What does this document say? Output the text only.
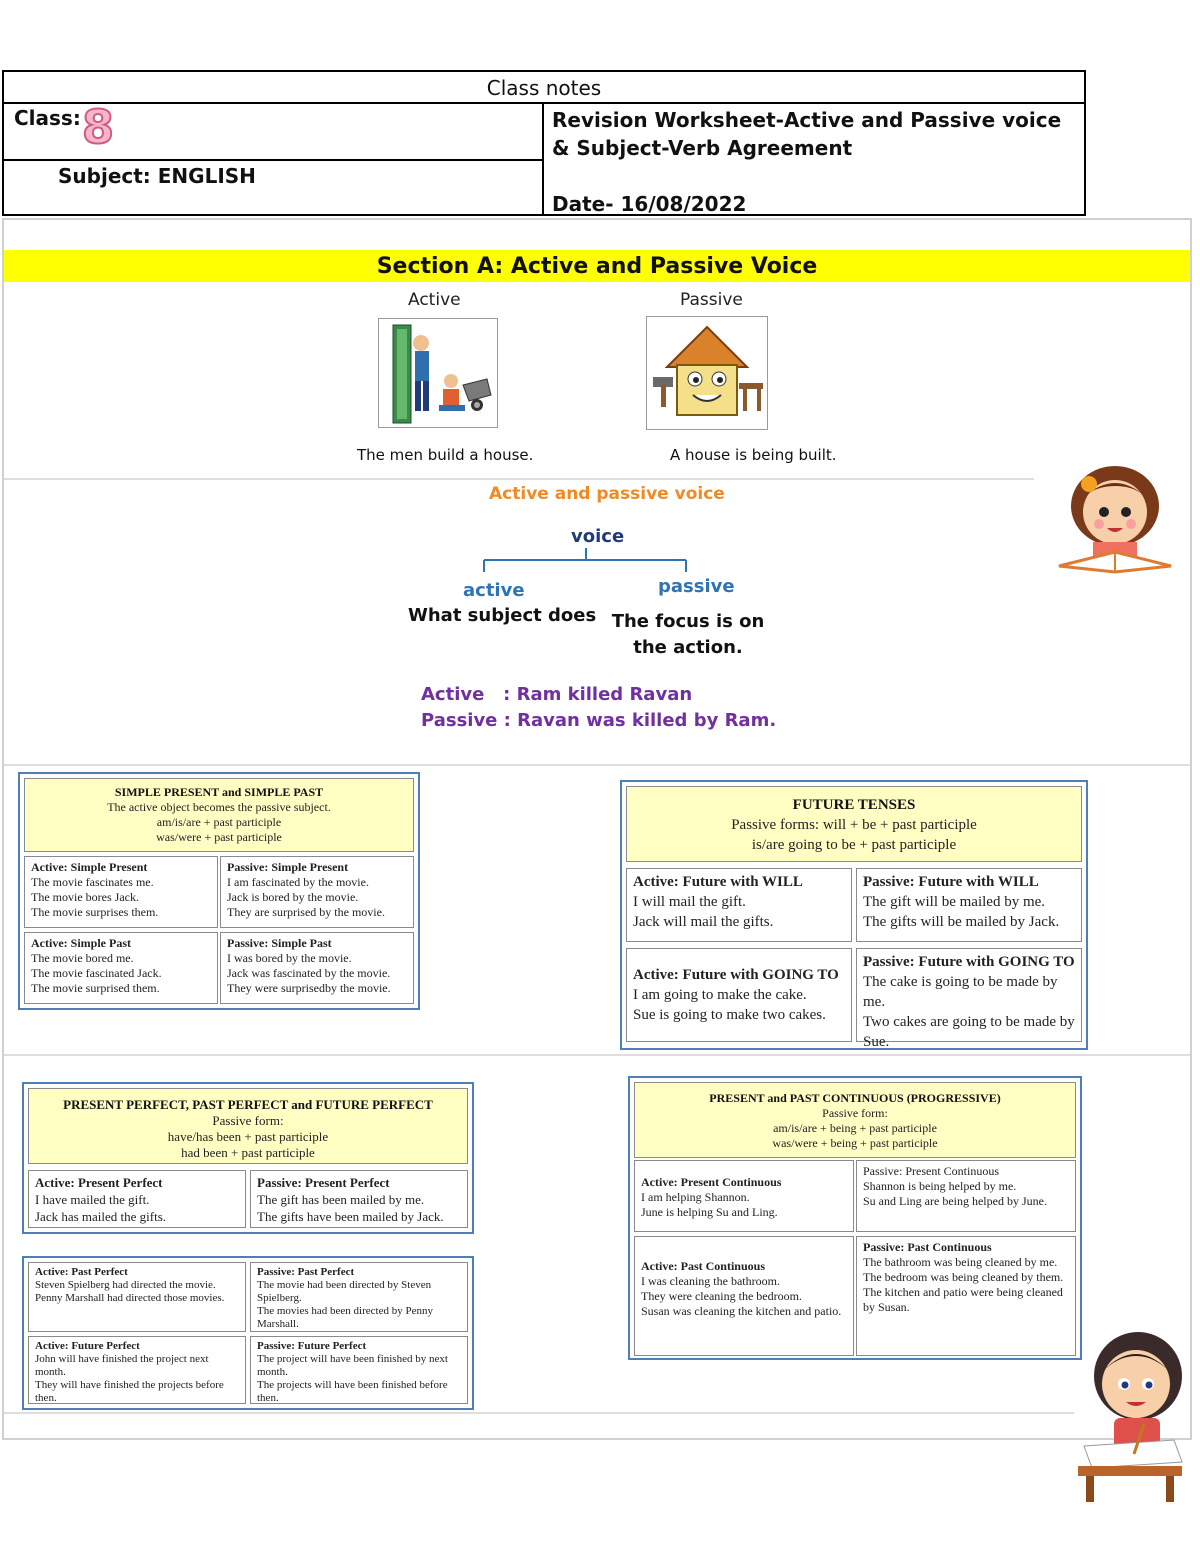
Class notes
Class: 8
Subject: ENGLISH
Revision Worksheet-Active and Passive voice & Subject-Verb Agreement
Date- 16/08/2022
Section A: Active and Passive Voice
Active	Passive
The men build a house.	A house is being built.
Active and passive voice
voice
active	passive
What subject does The focus is on the action.
Active   : Ram killed Ravan
Passive : Ravan was killed by Ram.
SIMPLE PRESENT and SIMPLE PAST
The active object becomes the passive subject.
am/is/are + past participle
was/were + past participle
Active: Simple Present
The movie fascinates me.
The movie bores Jack.
The movie surprises them.
Passive: Simple Present
I am fascinated by the movie.
Jack is bored by the movie.
They are surprised by the movie.
Active: Simple Past
The movie bored me.
The movie fascinated Jack.
The movie surprised them.
Passive: Simple Past
I was bored by the movie.
Jack was fascinated by the movie.
They were surprisedby the movie.
FUTURE TENSES
Passive forms: will + be + past participle
is/are going to be + past participle
Active: Future with WILL
I will mail the gift.
Jack will mail the gifts.
Passive: Future with WILL
The gift will be mailed by me.
The gifts will be mailed by Jack.
Active: Future with GOING TO
I am going to make the cake.
Sue is going to make two cakes.
Passive: Future with GOING TO
The cake is going to be made by me.
Two cakes are going to be made by Sue.
PRESENT PERFECT, PAST PERFECT and FUTURE PERFECT
Passive form:
have/has been + past participle
had been + past participle
Active: Present Perfect
I have mailed the gift.
Jack has mailed the gifts.
Passive: Present Perfect
The gift has been mailed by me.
The gifts have been mailed by Jack.
Active: Past Perfect
Steven Spielberg had directed the movie.
Penny Marshall had directed those movies.
Passive: Past Perfect
The movie had been directed by Steven Spielberg.
The movies had been directed by Penny Marshall.
Active: Future Perfect
John will have finished the project next month.
They will have finished the projects before then.
Passive: Future Perfect
The project will have been finished by next month.
The projects will have been finished before then.
PRESENT and PAST CONTINUOUS (PROGRESSIVE)
Passive form:
am/is/are + being + past participle
was/were + being + past participle
Active: Present Continuous
I am helping Shannon.
June is helping Su and Ling.
Passive: Present Continuous
Shannon is being helped by me.
Su and Ling are being helped by June.
Active: Past Continuous
I was cleaning the bathroom.
They were cleaning the bedroom.
Susan was cleaning the kitchen and patio.
Passive: Past Continuous
The bathroom was being cleaned by me.
The bedroom was being cleaned by them.
The kitchen and patio were being cleaned by Susan.
